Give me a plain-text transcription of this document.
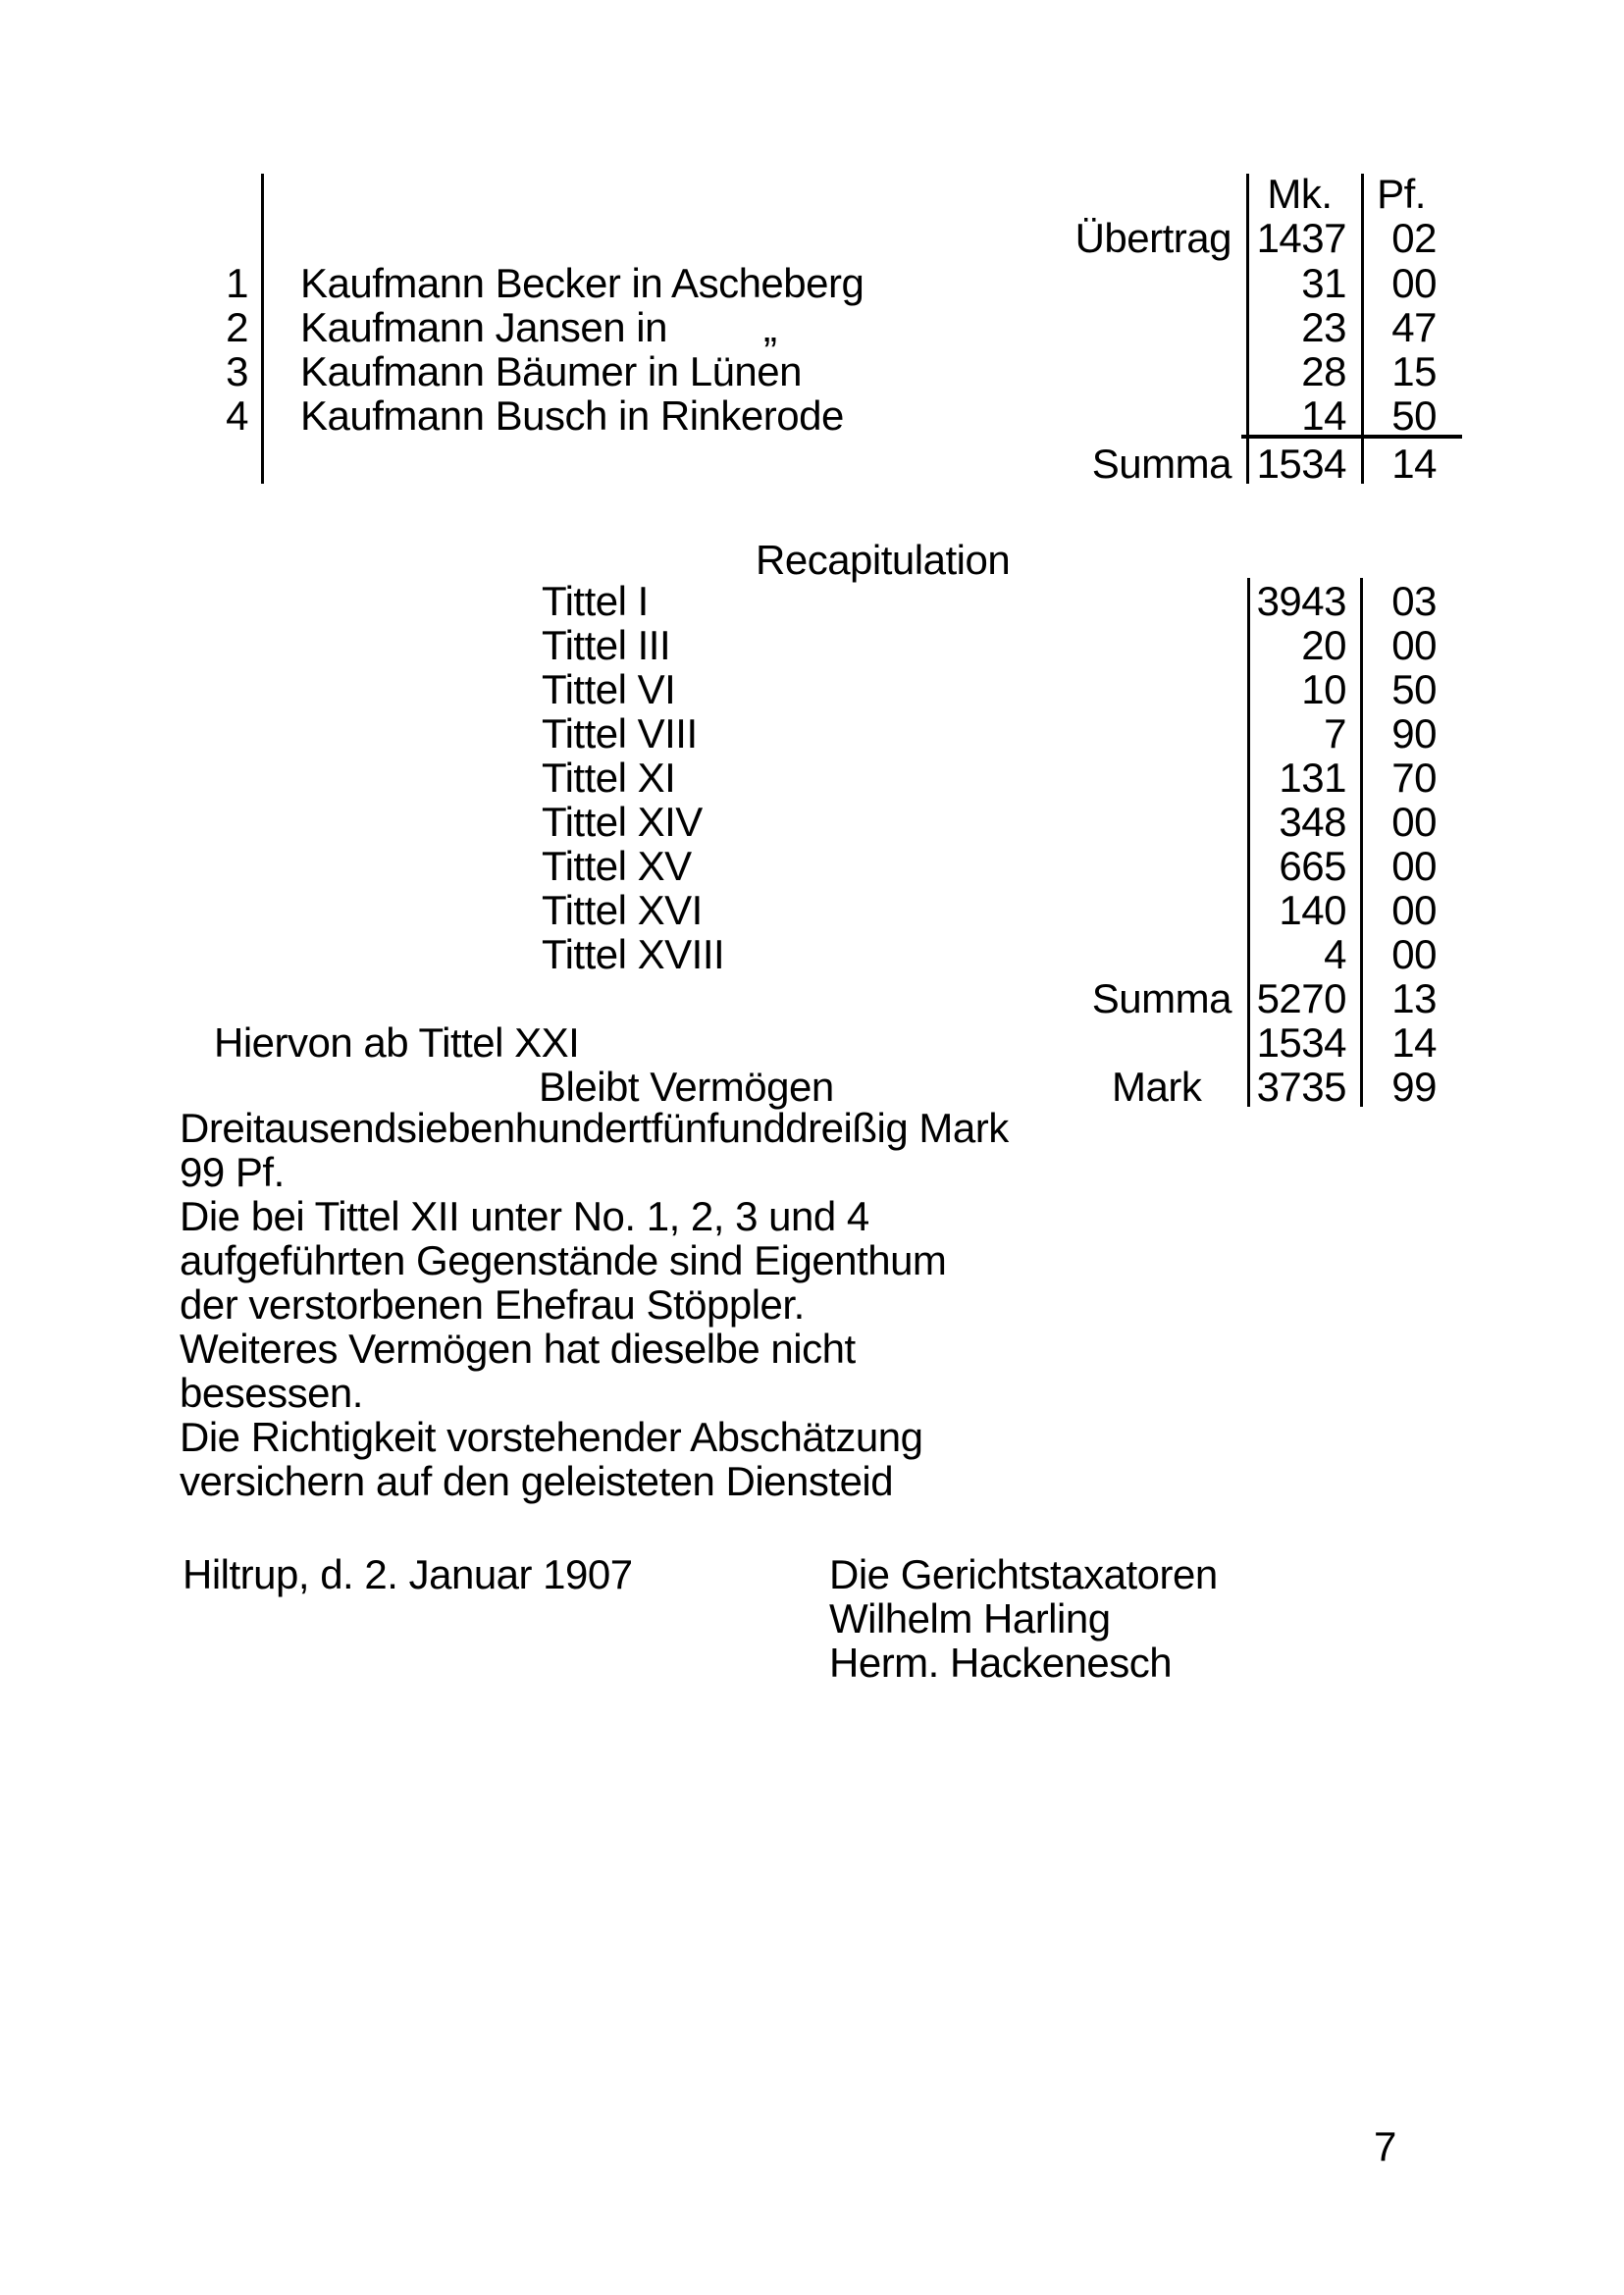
Mk.	Pf.
Übertrag 1437	02
1 Kaufmann Becker in Ascheberg	31	00
2 Kaufmann Jansen in „	23	47
3 Kaufmann Bäumer in Lünen	28	15
4 Kaufmann Busch in Rinkerode	14	50
Summa 1534	14
Recapitulation
Tittel I	3943	03
Tittel III	20	00
Tittel VI	10	50
Tittel VIII	7	90
Tittel XI	131	70
Tittel XIV	348	00
Tittel XV	665	00
Tittel XVI	140	00
Tittel XVIII	4	00
Summa 5270	13
Hiervon ab Tittel XXI	1534	14
Bleibt Vermögen	Mark 3735	99
Dreitausendsiebenhundertfünfunddreißig Mark
99 Pf.
Die bei Tittel XII unter No. 1, 2, 3 und 4
aufgeführten Gegenstände sind Eigenthum
der verstorbenen Ehefrau Stöppler.
Weiteres Vermögen hat dieselbe nicht
besessen.
Die Richtigkeit vorstehender Abschätzung
versichern auf den geleisteten Diensteid
Hiltrup, d. 2. Januar 1907	Die Gerichtstaxatoren
Wilhelm Harling
Herm. Hackenesch
7
